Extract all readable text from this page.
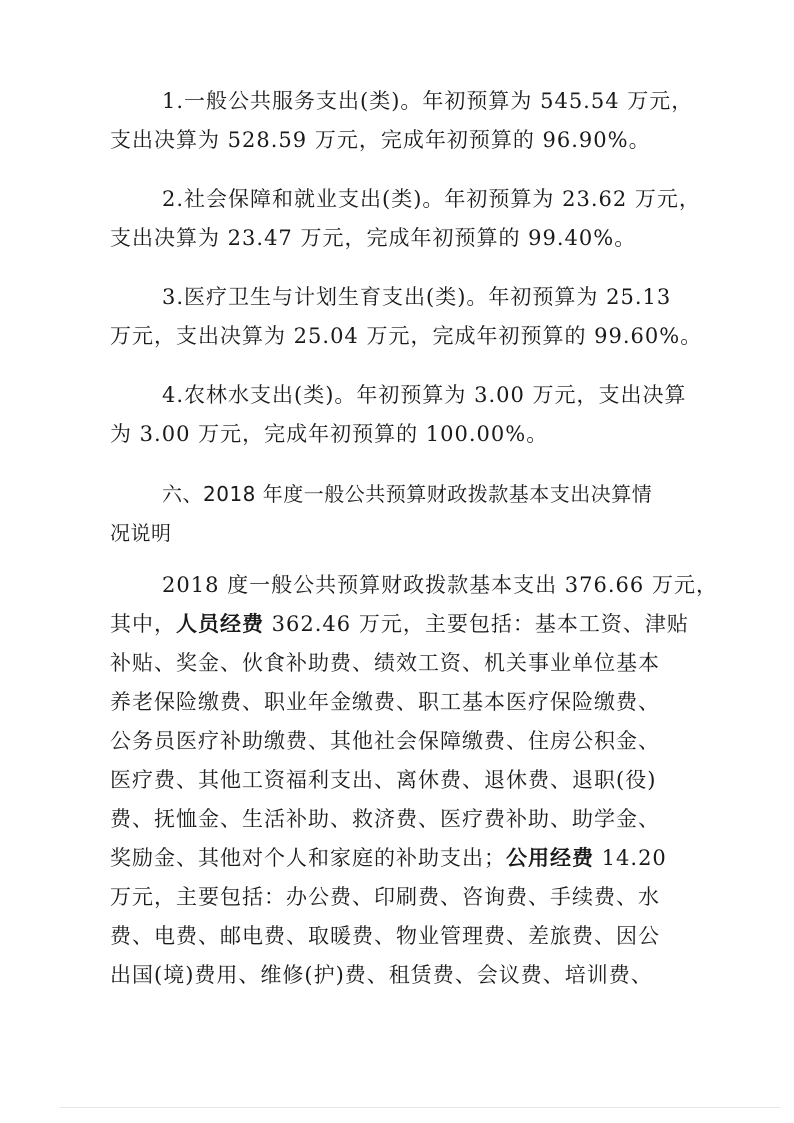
1.一般公共服务支出(类)。年初预算为 545.54 万元，
支出决算为 528.59 万元，完成年初预算的 96.90%。

2.社会保障和就业支出(类)。年初预算为 23.62 万元，
支出决算为 23.47 万元，完成年初预算的 99.40%。

3.医疗卫生与计划生育支出(类)。年初预算为 25.13
万元，支出决算为 25.04 万元，完成年初预算的 99.60%。

4.农林水支出(类)。年初预算为 3.00 万元，支出决算
为 3.00 万元，完成年初预算的 100.00%。

六、2018 年度一般公共预算财政拨款基本支出决算情
况说明

2018 度一般公共预算财政拨款基本支出 376.66 万元，
其中，人员经费 362.46 万元，主要包括：基本工资、津贴
补贴、奖金、伙食补助费、绩效工资、机关事业单位基本
养老保险缴费、职业年金缴费、职工基本医疗保险缴费、
公务员医疗补助缴费、其他社会保障缴费、住房公积金、
医疗费、其他工资福利支出、离休费、退休费、退职(役)
费、抚恤金、生活补助、救济费、医疗费补助、助学金、
奖励金、其他对个人和家庭的补助支出；公用经费 14.20
万元，主要包括：办公费、印刷费、咨询费、手续费、水
费、电费、邮电费、取暖费、物业管理费、差旅费、因公
出国(境)费用、维修(护)费、租赁费、会议费、培训费、
